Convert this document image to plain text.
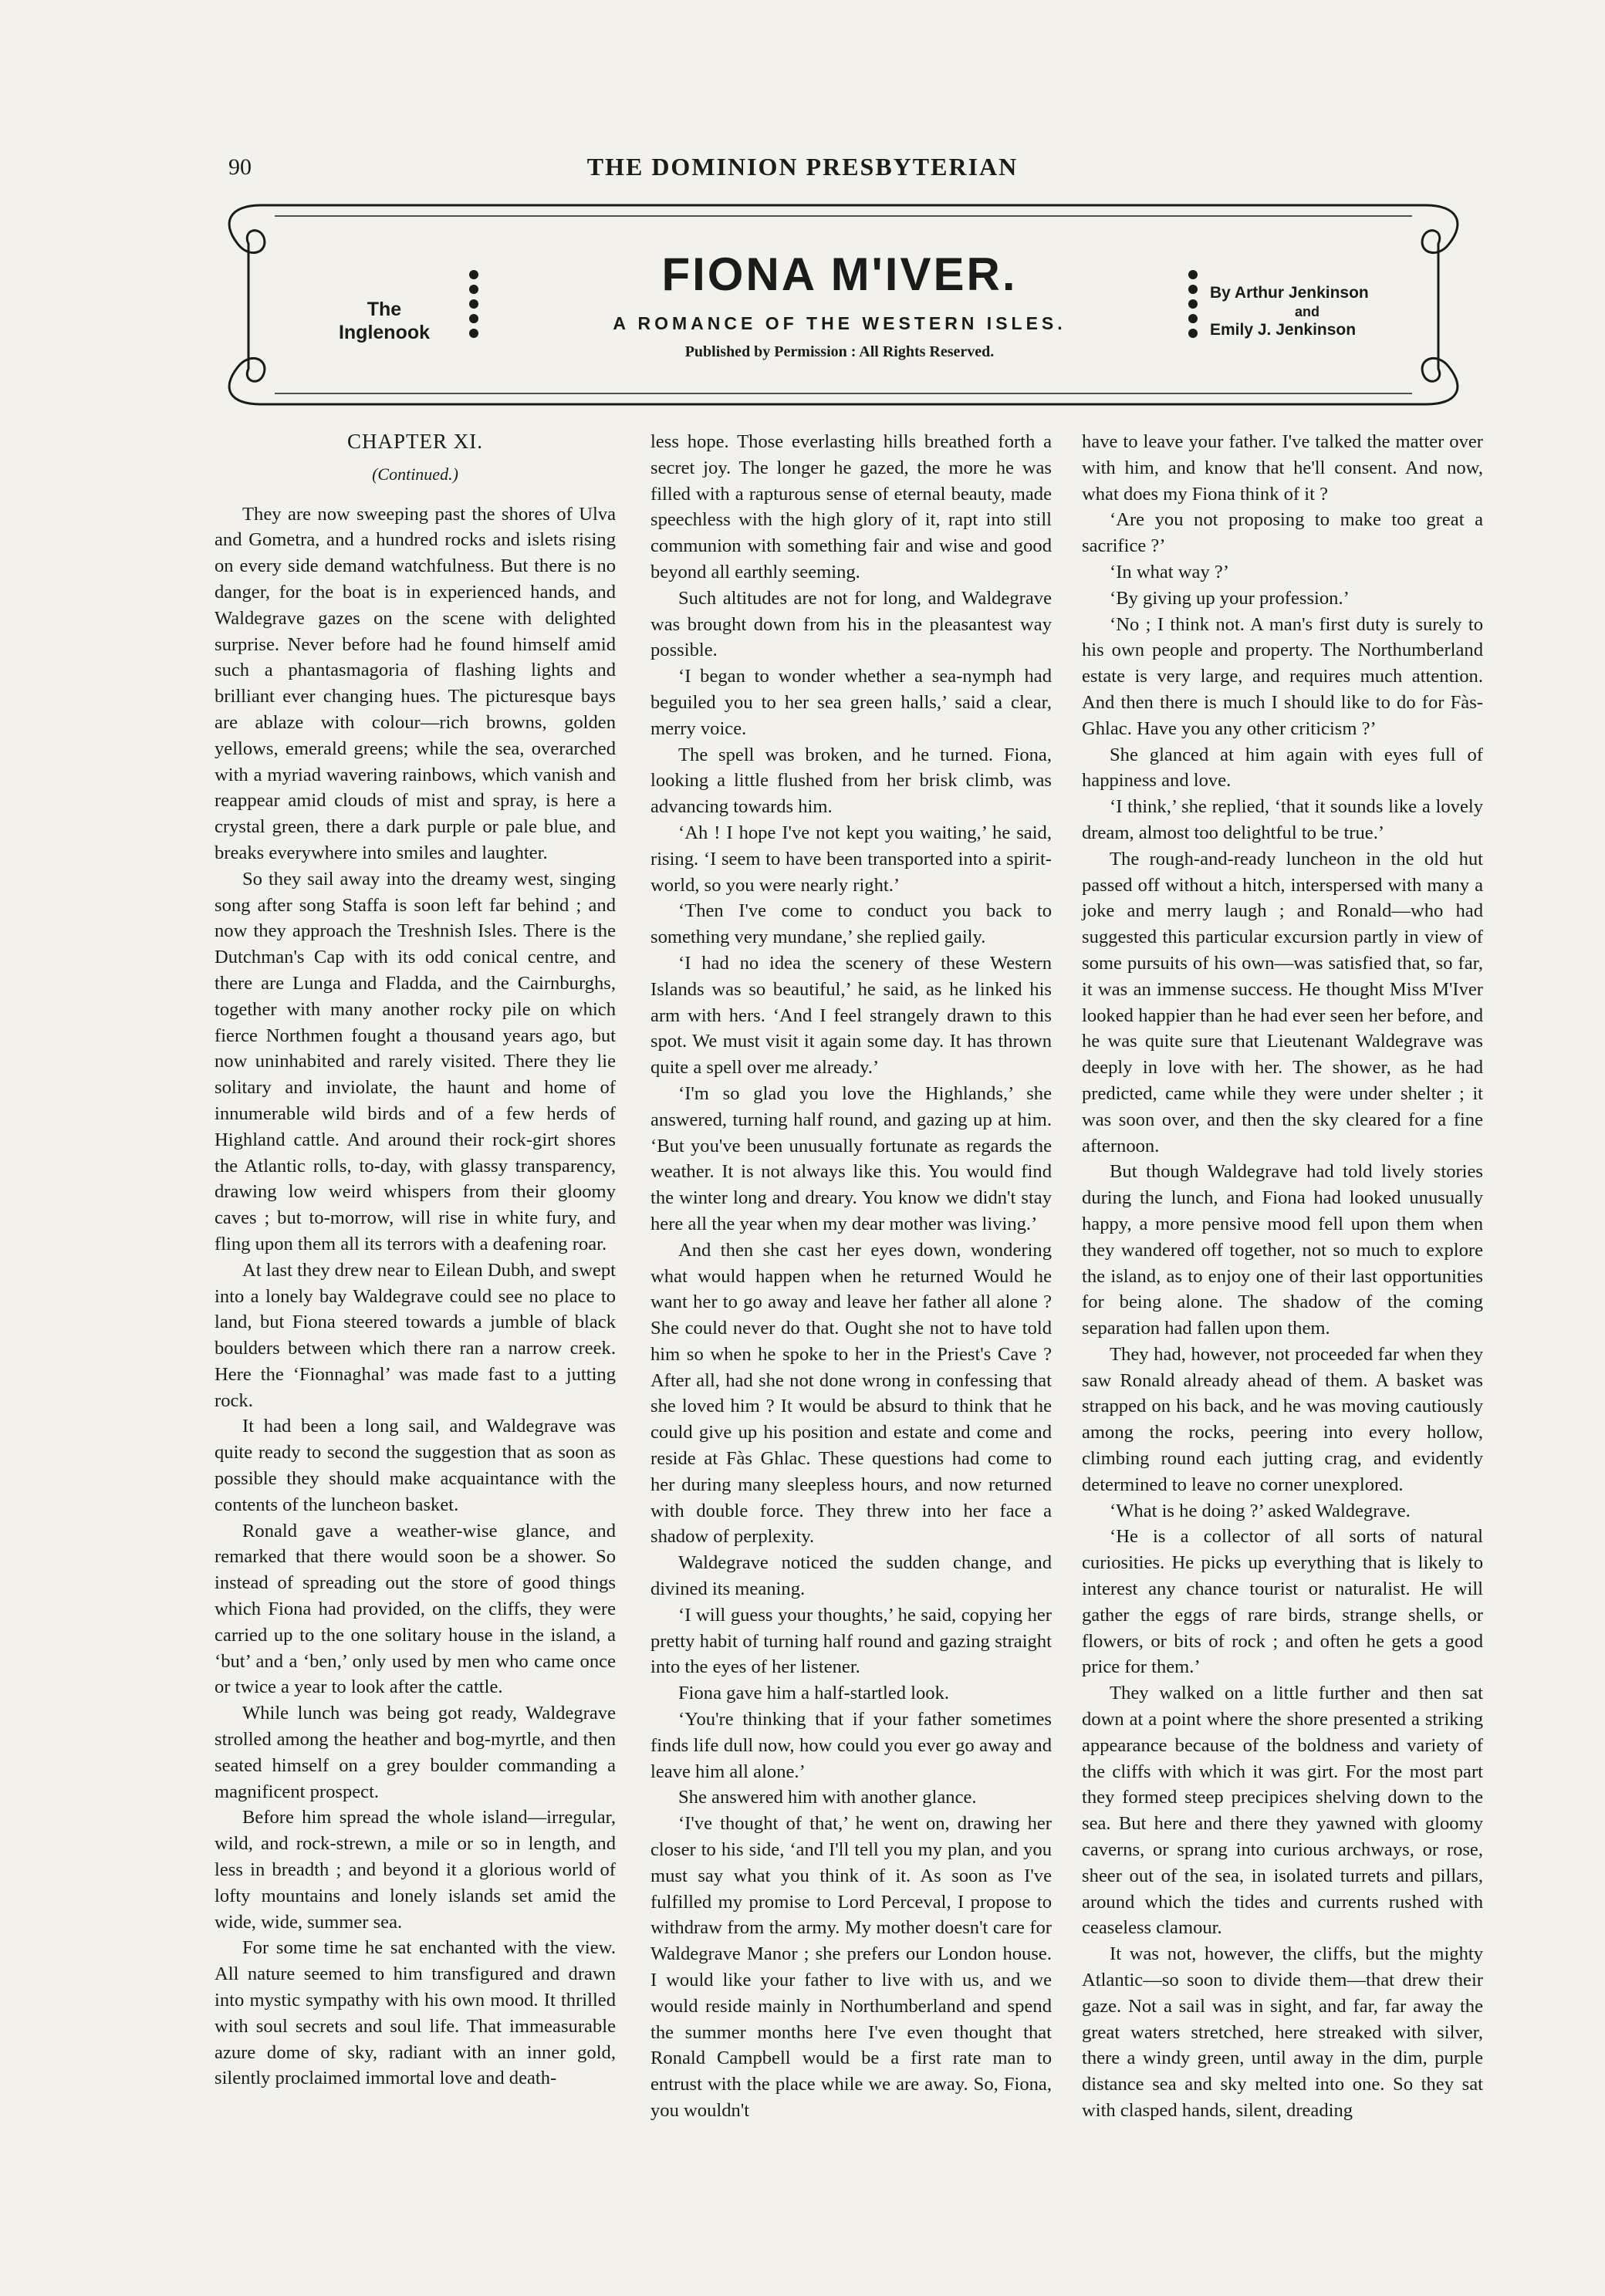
90	THE DOMINION PRESBYTERIAN
The
Inglenook
FIONA M'IVER.
A ROMANCE OF THE WESTERN ISLES.
Published by Permission : All Rights Reserved.
By Arthur Jenkinson
and
Emily J. Jenkinson
CHAPTER XI.
(Continued.)

They are now sweeping past the shores of Ulva and Gometra, and a hundred rocks and islets rising on every side demand watchfulness. But there is no danger, for the boat is in experienced hands, and Waldegrave gazes on the scene with delighted surprise. Never before had he found himself amid such a phantasmagoria of flashing lights and brilliant ever changing hues. The picturesque bays are ablaze with colour—rich browns, golden yellows, emerald greens; while the sea, overarched with a myriad wavering rainbows, which vanish and reappear amid clouds of mist and spray, is here a crystal green, there a dark purple or pale blue, and breaks everywhere into smiles and laughter.

So they sail away into the dreamy west, singing song after song Staffa is soon left far behind ; and now they approach the Treshnish Isles. There is the Dutchman's Cap with its odd conical centre, and there are Lunga and Fladda, and the Cairnburghs, together with many another rocky pile on which fierce Northmen fought a thousand years ago, but now uninhabited and rarely visited. There they lie solitary and inviolate, the haunt and home of innumerable wild birds and of a few herds of Highland cattle. And around their rock-girt shores the Atlantic rolls, to-day, with glassy transparency, drawing low weird whispers from their gloomy caves ; but to-morrow, will rise in white fury, and fling upon them all its terrors with a deafening roar.

At last they drew near to Eilean Dubh, and swept into a lonely bay Waldegrave could see no place to land, but Fiona steered towards a jumble of black boulders between which there ran a narrow creek. Here the ‘Fionnaghal’ was made fast to a jutting rock.

It had been a long sail, and Waldegrave was quite ready to second the suggestion that as soon as possible they should make acquaintance with the contents of the luncheon basket.

Ronald gave a weather-wise glance, and remarked that there would soon be a shower. So instead of spreading out the store of good things which Fiona had provided, on the cliffs, they were carried up to the one solitary house in the island, a ‘but’ and a ‘ben,’ only used by men who came once or twice a year to look after the cattle.

While lunch was being got ready, Waldegrave strolled among the heather and bog-myrtle, and then seated himself on a grey boulder commanding a magnificent prospect.

Before him spread the whole island—irregular, wild, and rock-strewn, a mile or so in length, and less in breadth ; and beyond it a glorious world of lofty mountains and lonely islands set amid the wide, wide, summer sea.

For some time he sat enchanted with the view. All nature seemed to him transfigured and drawn into mystic sympathy with his own mood. It thrilled with soul secrets and soul life. That immeasurable azure dome of sky, radiant with an inner gold, silently proclaimed immortal love and death-

less hope. Those everlasting hills breathed forth a secret joy. The longer he gazed, the more he was filled with a rapturous sense of eternal beauty, made speechless with the high glory of it, rapt into still communion with something fair and wise and good beyond all earthly seeming.

Such altitudes are not for long, and Waldegrave was brought down from his in the pleasantest way possible.

‘I began to wonder whether a sea-nymph had beguiled you to her sea green halls,’ said a clear, merry voice.

The spell was broken, and he turned. Fiona, looking a little flushed from her brisk climb, was advancing towards him.

‘Ah ! I hope I've not kept you waiting,’ he said, rising. ‘I seem to have been transported into a spirit-world, so you were nearly right.’

‘Then I've come to conduct you back to something very mundane,’ she replied gaily.

‘I had no idea the scenery of these Western Islands was so beautiful,’ he said, as he linked his arm with hers. ‘And I feel strangely drawn to this spot. We must visit it again some day. It has thrown quite a spell over me already.’

‘I'm so glad you love the Highlands,’ she answered, turning half round, and gazing up at him. ‘But you've been unusually fortunate as regards the weather. It is not always like this. You would find the winter long and dreary. You know we didn't stay here all the year when my dear mother was living.’

And then she cast her eyes down, wondering what would happen when he returned Would he want her to go away and leave her father all alone ? She could never do that. Ought she not to have told him so when he spoke to her in the Priest's Cave ? After all, had she not done wrong in confessing that she loved him ? It would be absurd to think that he could give up his position and estate and come and reside at Fàs Ghlac. These questions had come to her during many sleepless hours, and now returned with double force. They threw into her face a shadow of perplexity.

Waldegrave noticed the sudden change, and divined its meaning.

‘I will guess your thoughts,’ he said, copying her pretty habit of turning half round and gazing straight into the eyes of her listener.

Fiona gave him a half-startled look.

‘You're thinking that if your father sometimes finds life dull now, how could you ever go away and leave him all alone.’

She answered him with another glance.

‘I've thought of that,’ he went on, drawing her closer to his side, ‘and I'll tell you my plan, and you must say what you think of it. As soon as I've fulfilled my promise to Lord Perceval, I propose to withdraw from the army. My mother doesn't care for Waldegrave Manor ; she prefers our London house. I would like your father to live with us, and we would reside mainly in Northumberland and spend the summer months here I've even thought that Ronald Campbell would be a first rate man to entrust with the place while we are away. So, Fiona, you wouldn't

have to leave your father. I've talked the matter over with him, and know that he'll consent. And now, what does my Fiona think of it ?

‘Are you not proposing to make too great a sacrifice ?’

‘In what way ?’

‘By giving up your profession.’

‘No ; I think not. A man's first duty is surely to his own people and property. The Northumberland estate is very large, and requires much attention. And then there is much I should like to do for Fàs-Ghlac. Have you any other criticism ?’

She glanced at him again with eyes full of happiness and love.

‘I think,’ she replied, ‘that it sounds like a lovely dream, almost too delightful to be true.’

The rough-and-ready luncheon in the old hut passed off without a hitch, interspersed with many a joke and merry laugh ; and Ronald—who had suggested this particular excursion partly in view of some pursuits of his own—was satisfied that, so far, it was an immense success. He thought Miss M'Iver looked happier than he had ever seen her before, and he was quite sure that Lieutenant Waldegrave was deeply in love with her. The shower, as he had predicted, came while they were under shelter ; it was soon over, and then the sky cleared for a fine afternoon.

But though Waldegrave had told lively stories during the lunch, and Fiona had looked unusually happy, a more pensive mood fell upon them when they wandered off together, not so much to explore the island, as to enjoy one of their last opportunities for being alone. The shadow of the coming separation had fallen upon them.

They had, however, not proceeded far when they saw Ronald already ahead of them. A basket was strapped on his back, and he was moving cautiously among the rocks, peering into every hollow, climbing round each jutting crag, and evidently determined to leave no corner unexplored.

‘What is he doing ?’ asked Waldegrave.

‘He is a collector of all sorts of natural curiosities. He picks up everything that is likely to interest any chance tourist or naturalist. He will gather the eggs of rare birds, strange shells, or flowers, or bits of rock ; and often he gets a good price for them.’

They walked on a little further and then sat down at a point where the shore presented a striking appearance because of the boldness and variety of the cliffs with which it was girt. For the most part they formed steep precipices shelving down to the sea. But here and there they yawned with gloomy caverns, or sprang into curious archways, or rose, sheer out of the sea, in isolated turrets and pillars, around which the tides and currents rushed with ceaseless clamour.

It was not, however, the cliffs, but the mighty Atlantic—so soon to divide them—that drew their gaze. Not a sail was in sight, and far, far away the great waters stretched, here streaked with silver, there a windy green, until away in the dim, purple distance sea and sky melted into one. So they sat with clasped hands, silent, dreading
